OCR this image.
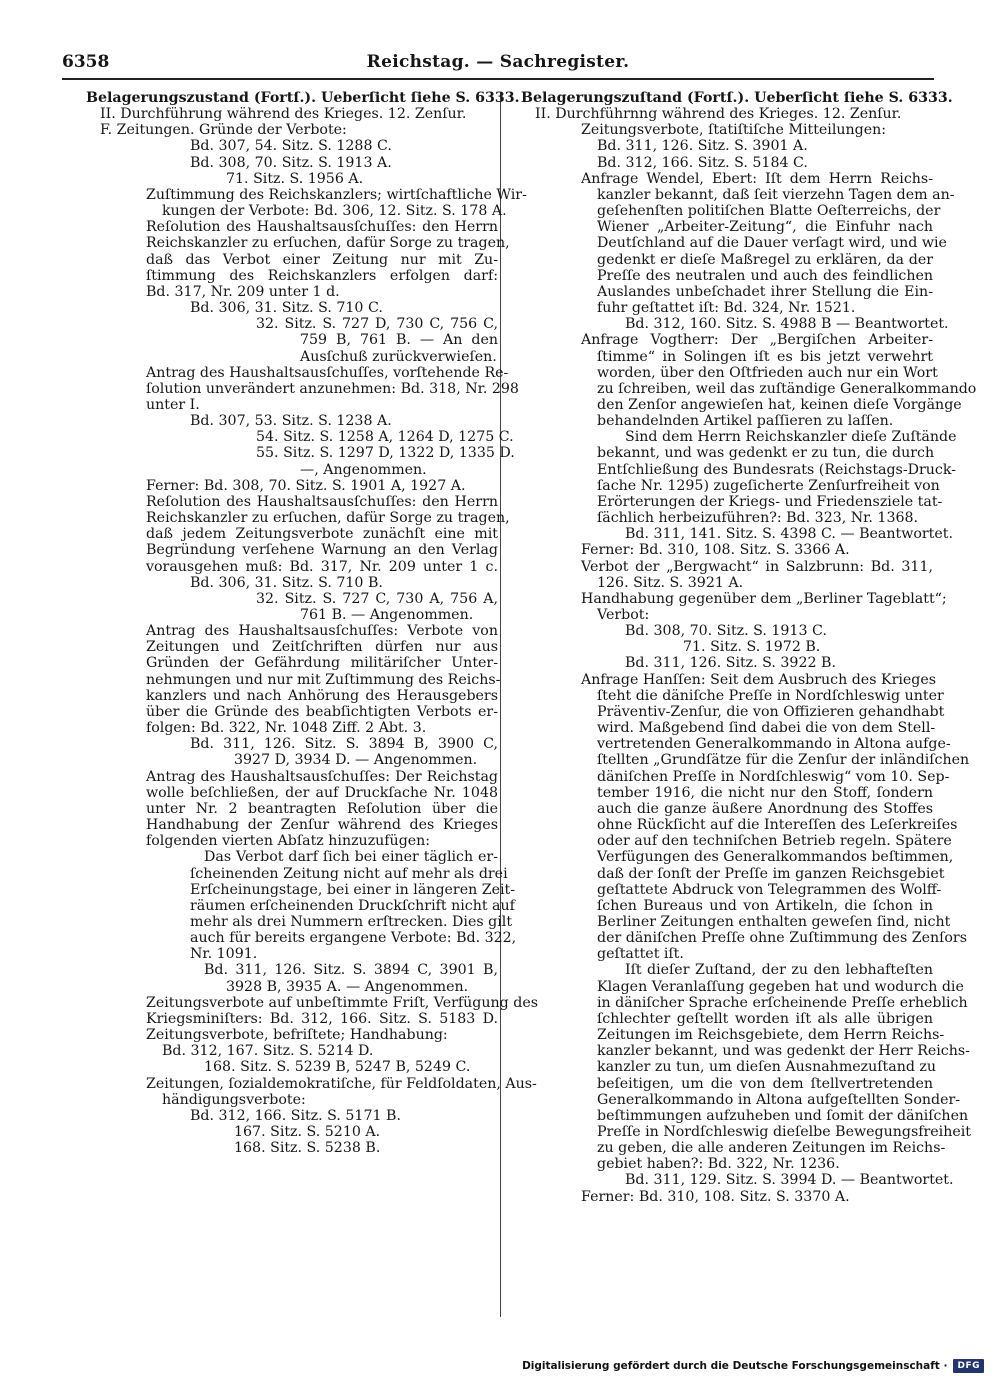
6358	Reichstag. — Sachregister.

Belagerungszustand (Fortſ.). Ueberſicht ſiehe S. 6333.

II. Durchführung während des Krieges. 12. Zenſur.

F. Zeitungen. Gründe der Verbote:

Bd. 307, 54. Sitz. S. 1288 C.

Bd. 308, 70. Sitz. S. 1913 A.

71. Sitz. S. 1956 A.

Zuſtimmung des Reichskanzlers; wirtſchaftliche Wir-

kungen der Verbote: Bd. 306, 12. Sitz. S. 178 A.

Reſolution des Haushaltsausſchuſſes: den Herrn

Reichskanzler zu erſuchen, dafür Sorge zu tragen,

daß das Verbot einer Zeitung nur mit Zu-

ſtimmung des Reichskanzlers erfolgen darf:

Bd. 317, Nr. 209 unter 1 d.

Bd. 306, 31. Sitz. S. 710 C.

32. Sitz. S. 727 D, 730 C, 756 C,

759 B, 761 B. — An den

Ausſchuß zurückverwieſen.

Antrag des Haushaltsausſchuſſes, vorſtehende Re-

ſolution unverändert anzunehmen: Bd. 318, Nr. 298

unter I.

Bd. 307, 53. Sitz. S. 1238 A.

54. Sitz. S. 1258 A, 1264 D, 1275 C.

55. Sitz. S. 1297 D, 1322 D, 1335 D.

—, Angenommen.

Ferner: Bd. 308, 70. Sitz. S. 1901 A, 1927 A.

Reſolution des Haushaltsausſchuſſes: den Herrn

Reichskanzler zu erſuchen, dafür Sorge zu tragen,

daß jedem Zeitungsverbote zunächſt eine mit

Begründung verſehene Warnung an den Verlag

vorausgehen muß: Bd. 317, Nr. 209 unter 1 c.

Bd. 306, 31. Sitz. S. 710 B.

32. Sitz. S. 727 C, 730 A, 756 A,

761 B. — Angenommen.

Antrag des Haushaltsausſchuſſes: Verbote von

Zeitungen und Zeitſchriften dürfen nur aus

Gründen der Gefährdung militäriſcher Unter-

nehmungen und nur mit Zuſtimmung des Reichs-

kanzlers und nach Anhörung des Herausgebers

über die Gründe des beabſichtigten Verbots er-

folgen: Bd. 322, Nr. 1048 Ziff. 2 Abt. 3.

Bd. 311, 126. Sitz. S. 3894 B, 3900 C,

3927 D, 3934 D. — Angenommen.

Antrag des Haushaltsausſchuſſes: Der Reichstag

wolle beſchließen, der auf Druckſache Nr. 1048

unter Nr. 2 beantragten Reſolution über die

Handhabung der Zenſur während des Krieges

folgenden vierten Abſatz hinzuzufügen:

Das Verbot darf ſich bei einer täglich er-

ſcheinenden Zeitung nicht auf mehr als drei

Erſcheinungstage, bei einer in längeren Zeit-

räumen erſcheinenden Druckſchrift nicht auf

mehr als drei Nummern erſtrecken. Dies gilt

auch für bereits ergangene Verbote: Bd. 322,

Nr. 1091.

Bd. 311, 126. Sitz. S. 3894 C, 3901 B,

3928 B, 3935 A. — Angenommen.

Zeitungsverbote auf unbeſtimmte Friſt, Verfügung des

Kriegsminiſters: Bd. 312, 166. Sitz. S. 5183 D.

Zeitungsverbote, befriſtete; Handhabung:

Bd. 312, 167. Sitz. S. 5214 D.

168. Sitz. S. 5239 B, 5247 B, 5249 C.

Zeitungen, ſozialdemokratiſche, für Feldſoldaten, Aus-

händigungsverbote:

Bd. 312, 166. Sitz. S. 5171 B.

167. Sitz. S. 5210 A.

168. Sitz. S. 5238 B.

Belagerungszuſtand (Fortſ.). Ueberſicht ſiehe S. 6333.

II. Durchführnng während des Krieges. 12. Zenſur.

Zeitungsverbote, ſtatiſtiſche Mitteilungen:

Bd. 311, 126. Sitz. S. 3901 A.

Bd. 312, 166. Sitz. S. 5184 C.

Anfrage Wendel, Ebert: Iſt dem Herrn Reichs-

kanzler bekannt, daß ſeit vierzehn Tagen dem an-

geſehenſten politiſchen Blatte Oeſterreichs, der

Wiener „Arbeiter-Zeitung“, die Einfuhr nach

Deutſchland auf die Dauer verſagt wird, und wie

gedenkt er dieſe Maßregel zu erklären, da der

Preſſe des neutralen und auch des feindlichen

Auslandes unbeſchadet ihrer Stellung die Ein-

fuhr geſtattet iſt: Bd. 324, Nr. 1521.

Bd. 312, 160. Sitz. S. 4988 B — Beantwortet.

Anfrage Vogtherr: Der „Bergiſchen Arbeiter-

ſtimme“ in Solingen iſt es bis jetzt verwehrt

worden, über den Oſtfrieden auch nur ein Wort

zu ſchreiben, weil das zuſtändige Generalkommando

den Zenſor angewieſen hat, keinen dieſe Vorgänge

behandelnden Artikel paſſieren zu laſſen.

Sind dem Herrn Reichskanzler dieſe Zuſtände

bekannt, und was gedenkt er zu tun, die durch

Entſchließung des Bundesrats (Reichstags-Druck-

ſache Nr. 1295) zugeſicherte Zenſurfreiheit von

Erörterungen der Kriegs- und Friedensziele tat-

ſächlich herbeizuführen?: Bd. 323, Nr. 1368.

Bd. 311, 141. Sitz. S. 4398 C. — Beantwortet.

Ferner: Bd. 310, 108. Sitz. S. 3366 A.

Verbot der „Bergwacht“ in Salzbrunn: Bd. 311,

126. Sitz. S. 3921 A.

Handhabung gegenüber dem „Berliner Tageblatt“;

Verbot:

Bd. 308, 70. Sitz. S. 1913 C.

71. Sitz. S. 1972 B.

Bd. 311, 126. Sitz. S. 3922 B.

Anfrage Hanſſen: Seit dem Ausbruch des Krieges

ſteht die däniſche Preſſe in Nordſchleswig unter

Präventiv-Zenſur, die von Offizieren gehandhabt

wird. Maßgebend ſind dabei die von dem Stell-

vertretenden Generalkommando in Altona aufge-

ſtellten „Grundſätze für die Zenſur der inländiſchen

däniſchen Preſſe in Nordſchleswig“ vom 10. Sep-

tember 1916, die nicht nur den Stoff, ſondern

auch die ganze äußere Anordnung des Stoffes

ohne Rückſicht auf die Intereſſen des Leſerkreiſes

oder auf den techniſchen Betrieb regeln. Spätere

Verfügungen des Generalkommandos beſtimmen,

daß der ſonſt der Preſſe im ganzen Reichsgebiet

geſtattete Abdruck von Telegrammen des Wolff-

ſchen Bureaus und von Artikeln, die ſchon in

Berliner Zeitungen enthalten geweſen ſind, nicht

der däniſchen Preſſe ohne Zuſtimmung des Zenſors

geſtattet iſt.

Iſt dieſer Zuſtand, der zu den lebhafteſten

Klagen Veranlaſſung gegeben hat und wodurch die

in däniſcher Sprache erſcheinende Preſſe erheblich

ſchlechter geſtellt worden iſt als alle übrigen

Zeitungen im Reichsgebiete, dem Herrn Reichs-

kanzler bekannt, und was gedenkt der Herr Reichs-

kanzler zu tun, um dieſen Ausnahmezuſtand zu

beſeitigen, um die von dem ſtellvertretenden

Generalkommando in Altona aufgeſtellten Sonder-

beſtimmungen aufzuheben und ſomit der däniſchen

Preſſe in Nordſchleswig dieſelbe Bewegungsfreiheit

zu geben, die alle anderen Zeitungen im Reichs-

gebiet haben?: Bd. 322, Nr. 1236.

Bd. 311, 129. Sitz. S. 3994 D. — Beantwortet.

Ferner: Bd. 310, 108. Sitz. S. 3370 A.

Digitalisierung gefördert durch die Deutsche Forschungsgemeinschaft ·	DFG
